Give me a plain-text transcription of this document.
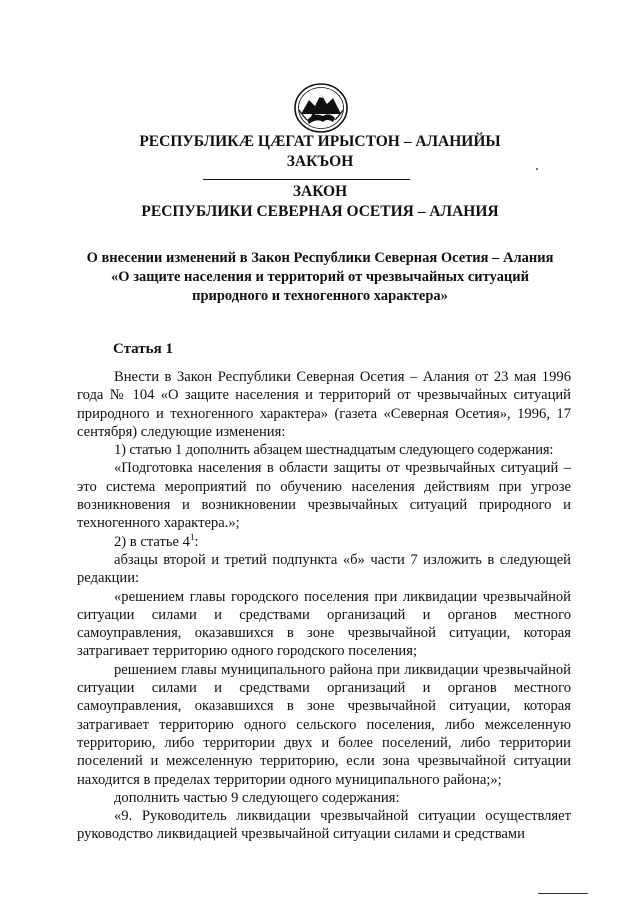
РЕСПУБЛИКӔ ЦӔГАТ ИРЫСТОН – АЛАНИЙЫ
ЗАКЪОН
ЗАКОН
РЕСПУБЛИКИ СЕВЕРНАЯ ОСЕТИЯ – АЛАНИЯ
О внесении изменений в Закон Республики Северная Осетия – Алания
«О защите населения и территорий от чрезвычайных ситуаций
природного и техногенного характера»
Статья 1

Внести в Закон Республики Северная Осетия – Алания от 23 мая 1996 года № 104 «О защите населения и территорий от чрезвычайных ситуаций природного и техногенного характера» (газета «Северная Осетия», 1996, 17 сентября) следующие изменения:

1) статью 1 дополнить абзацем шестнадцатым следующего содержания:

«Подготовка населения в области защиты от чрезвычайных ситуаций – это система мероприятий по обучению населения действиям при угрозе возникновения и возникновении чрезвычайных ситуаций природного и техногенного характера.»;

2) в статье $4^1$:

абзацы второй и третий подпункта «б» части 7 изложить в следующей редакции:

«решением главы городского поселения при ликвидации чрезвычайной ситуации силами и средствами организаций и органов местного самоуправления, оказавшихся в зоне чрезвычайной ситуации, которая затрагивает территорию одного городского поселения;

решением главы муниципального района при ликвидации чрезвычайной ситуации силами и средствами организаций и органов местного самоуправления, оказавшихся в зоне чрезвычайной ситуации, которая затрагивает территорию одного сельского поселения, либо межселенную территорию, либо территории двух и более поселений, либо территории поселений и межселенную территорию, если зона чрезвычайной ситуации находится в пределах территории одного муниципального района;»;

дополнить частью 9 следующего содержания:

«9. Руководитель ликвидации чрезвычайной ситуации осуществляет руководство ликвидацией чрезвычайной ситуации силами и средствами
